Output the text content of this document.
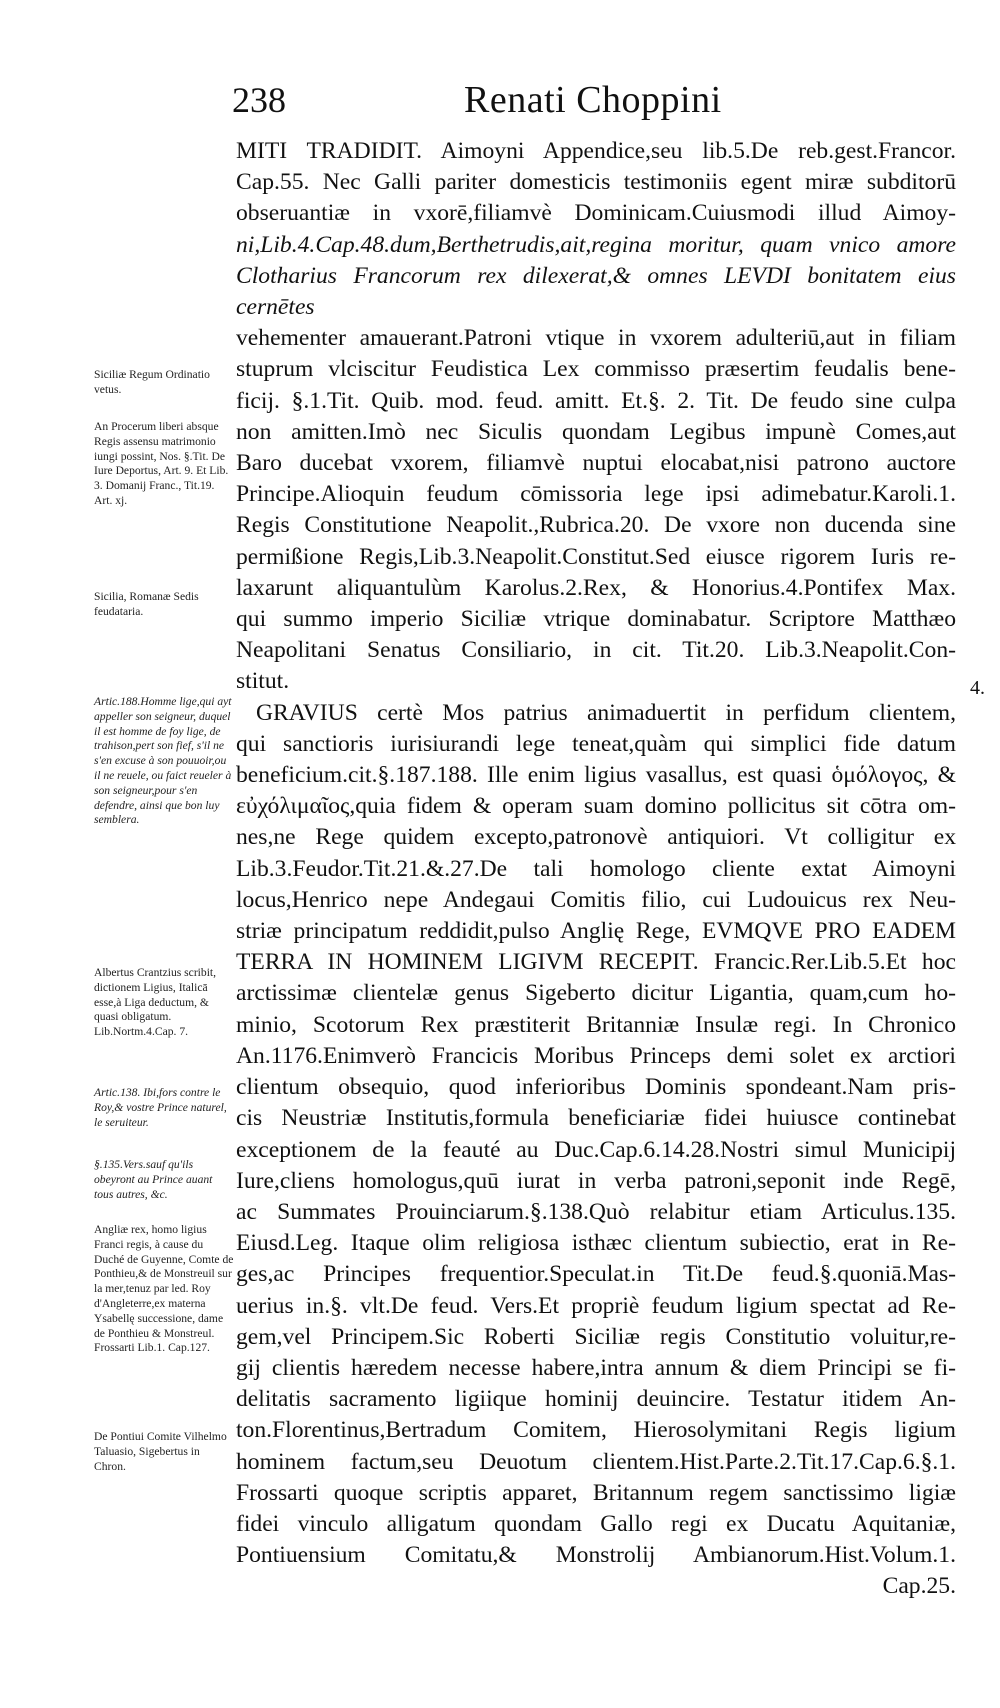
238	Renati Choppini
MITI TRADIDIT. Aimoyni Appendice,seu lib.5.De reb.gest.Francor.
Cap.55. Nec Galli pariter domesticis testimoniis egent miræ subditorū
obseruantiæ in vxorē,filiamvè Dominicam.Cuiusmodi illud Aimoy-
ni,Lib.4.Cap.48.dum,Berthetrudis,ait,regina moritur, quam vnico amore
Clotharius Francorum rex dilexerat,& omnes LEVDI bonitatem eius cernētes
vehementer amauerant.Patroni vtique in vxorem adulteriū,aut in filiam
stuprum vlciscitur Feudistica Lex commisso præsertim feudalis bene-
ficij. §.1.Tit. Quib. mod. feud. amitt. Et.§. 2. Tit. De feudo sine culpa
non amitten.Imò nec Siculis quondam Legibus impunè Comes,aut
Baro ducebat vxorem, filiamvè nuptui elocabat,nisi patrono auctore
Principe.Alioquin feudum cōmissoria lege ipsi adimebatur.Karoli.1.
Regis Constitutione Neapolit.,Rubrica.20. De vxore non ducenda sine
permißione Regis,Lib.3.Neapolit.Constitut.Sed eiusce rigorem Iuris re-
laxarunt aliquantulùm Karolus.2.Rex, & Honorius.4.Pontifex Max.
qui summo imperio Siciliæ vtrique dominabatur. Scriptore Matthæo
Neapolitani Senatus Consiliario, in cit. Tit.20. Lib.3.Neapolit.Con-
stitut.
GRAVIUS certè Mos patrius animaduertit in perfidum clientem,
qui sanctioris iurisiurandi lege teneat,quàm qui simplici fide datum
beneficium.cit.§.187.188. Ille enim ligius vasallus, est quasi ὁμόλογος, &
εὐχόλιμαῖος,quia fidem & operam suam domino pollicitus sit cōtra om-
nes,ne Rege quidem excepto,patronovè antiquiori. Vt colligitur ex
Lib.3.Feudor.Tit.21.&.27.De tali homologo cliente extat Aimoyni
locus,Henrico nepe Andegaui Comitis filio, cui Ludouicus rex Neu-
striæ principatum reddidit,pulso Anglię Rege, EVMQVE PRO EADEM
TERRA IN HOMINEM LIGIVM RECEPIT. Francic.Rer.Lib.5.Et hoc
arctissimæ clientelæ genus Sigeberto dicitur Ligantia, quam,cum ho-
minio, Scotorum Rex præstiterit Britanniæ Insulæ regi. In Chronico
An.1176.Enimverò Francicis Moribus Princeps demi solet ex arctiori
clientum obsequio, quod inferioribus Dominis spondeant.Nam pris-
cis Neustriæ Institutis,formula beneficiariæ fidei huiusce continebat
exceptionem de la feauté au Duc.Cap.6.14.28.Nostri simul Municipij
Iure,cliens homologus,quū iurat in verba patroni,seponit inde Regē,
ac Summates Prouinciarum.§.138.Quò relabitur etiam Articulus.135.
Eiusd.Leg. Itaque olim religiosa isthæc clientum subiectio, erat in Re-
ges,ac Principes frequentior.Speculat.in Tit.De feud.§.quoniā.Mas-
uerius in.§. vlt.De feud. Vers.Et propriè feudum ligium spectat ad Re-
gem,vel Principem.Sic Roberti Siciliæ regis Constitutio voluitur,re-
gij clientis hæredem necesse habere,intra annum & diem Principi se fi-
delitatis sacramento ligiique hominij deuincire. Testatur itidem An-
ton.Florentinus,Bertradum Comitem, Hierosolymitani Regis ligium
hominem factum,seu Deuotum clientem.Hist.Parte.2.Tit.17.Cap.6.§.1.
Frossarti quoque scriptis apparet, Britannum regem sanctissimo ligiæ
fidei vinculo alligatum quondam Gallo regi ex Ducatu Aquitaniæ,
Pontiuensium Comitatu,& Monstrolij Ambianorum.Hist.Volum.1.
Cap.25.
4.
Siciliæ Regum Ordinatio vetus.
An Procerum liberi absque Regis assensu matrimonio iungi possint, Nos. §.Tit. De Iure Deportus, Art. 9. Et Lib. 3. Domanij Franc., Tit.19. Art. xj.
Sicilia, Romanæ Sedis feudataria.
Artic.188.Homme lige,qui ayt appeller son seigneur, duquel il est homme de foy lige, de trahison,pert son fief, s'il ne s'en excuse à son pouuoir,ou il ne reuele, ou faict reueler à son seigneur,pour s'en defendre, ainsi que bon luy semblera.
Albertus Crantzius scribit, dictionem Ligius, Italicā esse,à Liga deductum, & quasi obligatum. Lib.Nortm.4.Cap. 7.
Artic.138. Ibi,fors contre le Roy,& vostre Prince naturel, le seruiteur.
§.135.Vers.sauf qu'ils obeyront au Prince auant tous autres, &c.
Angliæ rex, homo ligius Franci regis, à cause du Duché de Guyenne, Comte de Ponthieu,& de Monstreuil sur la mer,tenuz par led. Roy d'Angleterre,ex materna Ysabellę successione, dame de Ponthieu & Monstreul. Frossarti Lib.1. Cap.127.
De Pontiui Comite Vilhelmo Taluasio, Sigebertus in Chron.
